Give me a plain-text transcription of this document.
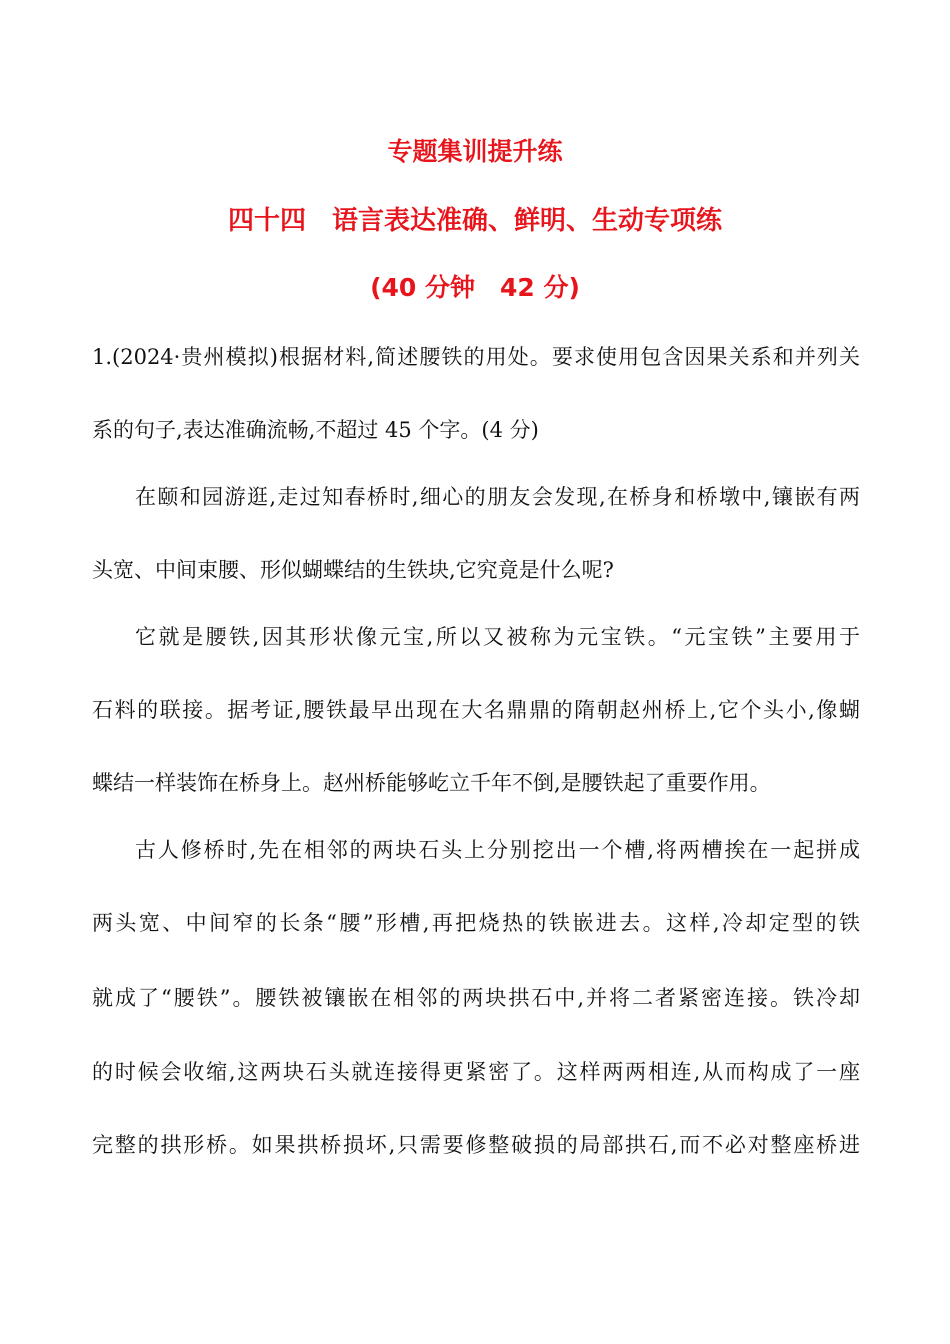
专题集训提升练
四十四　语言表达准确、鲜明、生动专项练
(40 分钟　42 分)

1.(2024·贵州模拟)根据材料,简述腰铁的用处。要求使用包含因果关系和并列关

系的句子,表达准确流畅,不超过 45 个字。(4 分)

在颐和园游逛,走过知春桥时,细心的朋友会发现,在桥身和桥墩中,镶嵌有两

头宽、中间束腰、形似蝴蝶结的生铁块,它究竟是什么呢?

它就是腰铁,因其形状像元宝,所以又被称为元宝铁。“元宝铁”主要用于

石料的联接。据考证,腰铁最早出现在大名鼎鼎的隋朝赵州桥上,它个头小,像蝴

蝶结一样装饰在桥身上。赵州桥能够屹立千年不倒,是腰铁起了重要作用。

古人修桥时,先在相邻的两块石头上分别挖出一个槽,将两槽挨在一起拼成

两头宽、中间窄的长条“腰”形槽,再把烧热的铁嵌进去。这样,冷却定型的铁

就成了“腰铁”。腰铁被镶嵌在相邻的两块拱石中,并将二者紧密连接。铁冷却

的时候会收缩,这两块石头就连接得更紧密了。这样两两相连,从而构成了一座

完整的拱形桥。如果拱桥损坏,只需要修整破损的局部拱石,而不必对整座桥进
